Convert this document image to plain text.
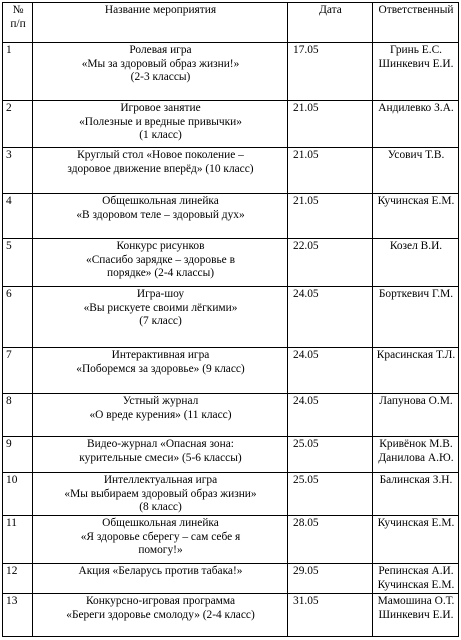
№
п/п	Название мероприятия	Дата	Ответственный
1	Ролевая игра
«Мы за здоровый образ жизни!»
(2-3 классы)	17.05	Гринь Е.С.
Шинкевич Е.И.

2	Игровое занятие
«Полезные и вредные привычки»
(1 класс)	21.05	Андилевко З.А.

3	Круглый стол «Новое поколение –
здоровое движение вперёд» (10 класс)	21.05	Усович Т.В.

4	Общешкольная линейка
«В здоровом теле – здоровый дух»	21.05	Кучинская Е.М.

5	Конкурс рисунков
«Спасибо зарядке – здоровье в
порядке» (2-4 классы)	22.05	Козел В.И.

6	Игра-шоу
«Вы рискуете своими лёгкими»
(7 класс)	24.05	Борткевич Г.М.

7	Интерактивная игра
«Поборемся за здоровье» (9 класс)	24.05	Красинская Т.Л.

8	Устный журнал
«О вреде курения» (11 класс)	24.05	Лапунова О.М.

9	Видео-журнал «Опасная зона:
курительные смеси» (5-6 классы)	25.05	Кривёнок М.В.
Данилова А.Ю.

10	Интеллектуальная игра
«Мы выбираем здоровый образ жизни»
(8 класс)	25.05	Балинская З.Н.

11	Общешкольная линейка
«Я здоровье сберегу – сам себе я
помогу!»	28.05	Кучинская Е.М.

12	Акция «Беларусь против табака!»	29.05	Репинская А.И.
Кучинская Е.М.

13	Конкурсно-игровая программа
«Береги здоровье смолоду» (2-4 класс)	31.05	Мамошина О.Т.
Шинкевич Е.И.
